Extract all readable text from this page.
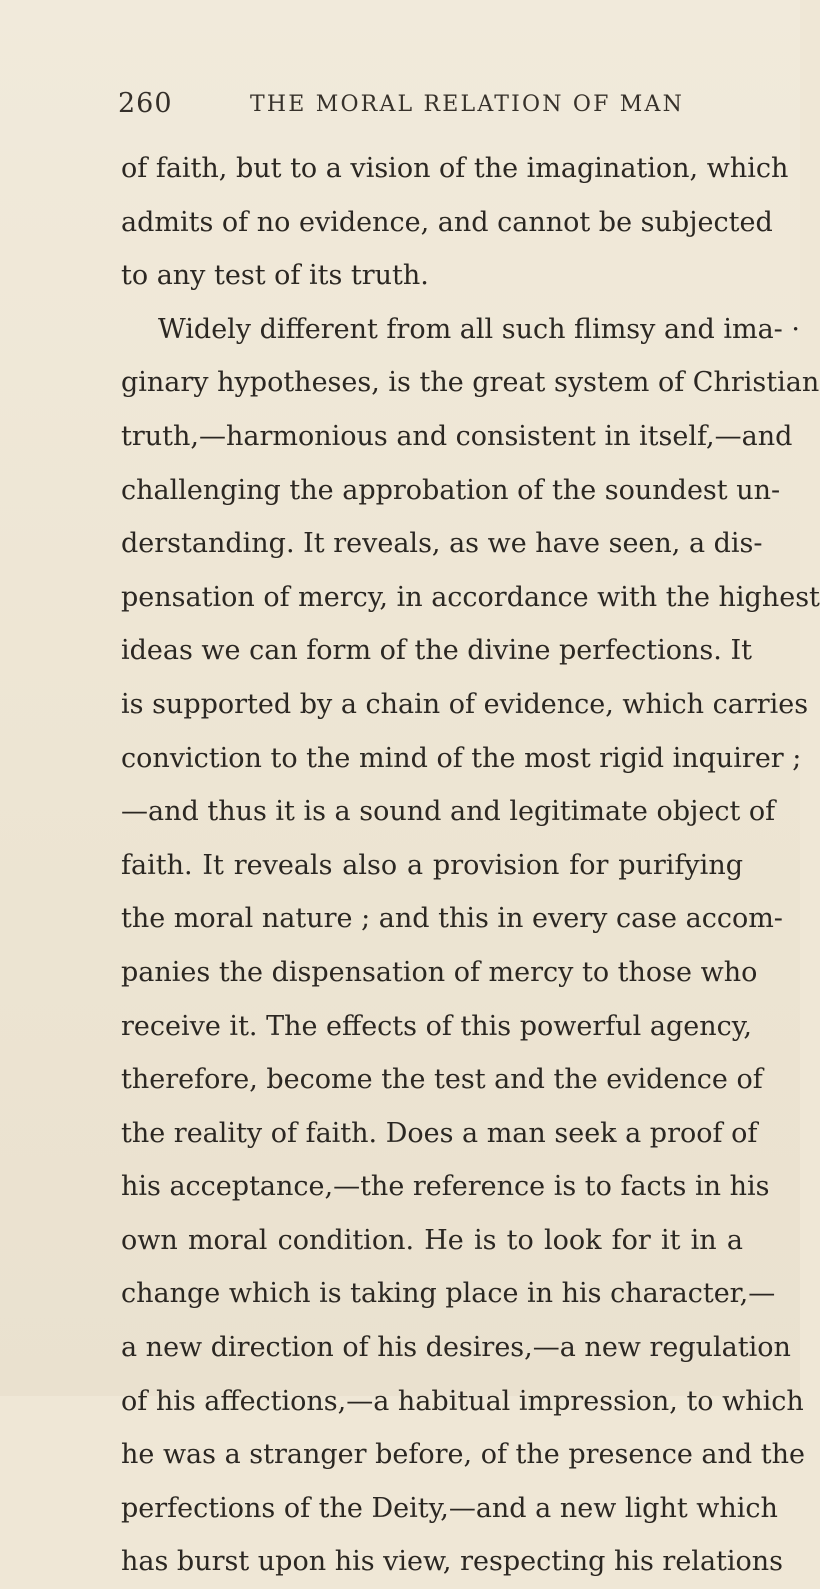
260	THE MORAL RELATION OF MAN
of faith, but to a vision of the imagination, which
admits of no evidence, and cannot be subjected
to any test of its truth.
Widely different from all such flimsy and ima- ·
ginary hypotheses, is the great system of Christian
truth,—harmonious and consistent in itself,—and
challenging the approbation of the soundest un-
derstanding. It reveals, as we have seen, a dis-
pensation of mercy, in accordance with the highest
ideas we can form of the divine perfections. It
is supported by a chain of evidence, which carries
conviction to the mind of the most rigid inquirer ;
—and thus it is a sound and legitimate object of
faith. It reveals also a provision for purifying
the moral nature ; and this in every case accom-
panies the dispensation of mercy to those who
receive it. The effects of this powerful agency,
therefore, become the test and the evidence of
the reality of faith. Does a man seek a proof of
his acceptance,—the reference is to facts in his
own moral condition. He is to look for it in a
change which is taking place in his character,—
a new direction of his desires,—a new regulation
of his affections,—a habitual impression, to which
he was a stranger before, of the presence and the
perfections of the Deity,—and a new light which
has burst upon his view, respecting his relations
